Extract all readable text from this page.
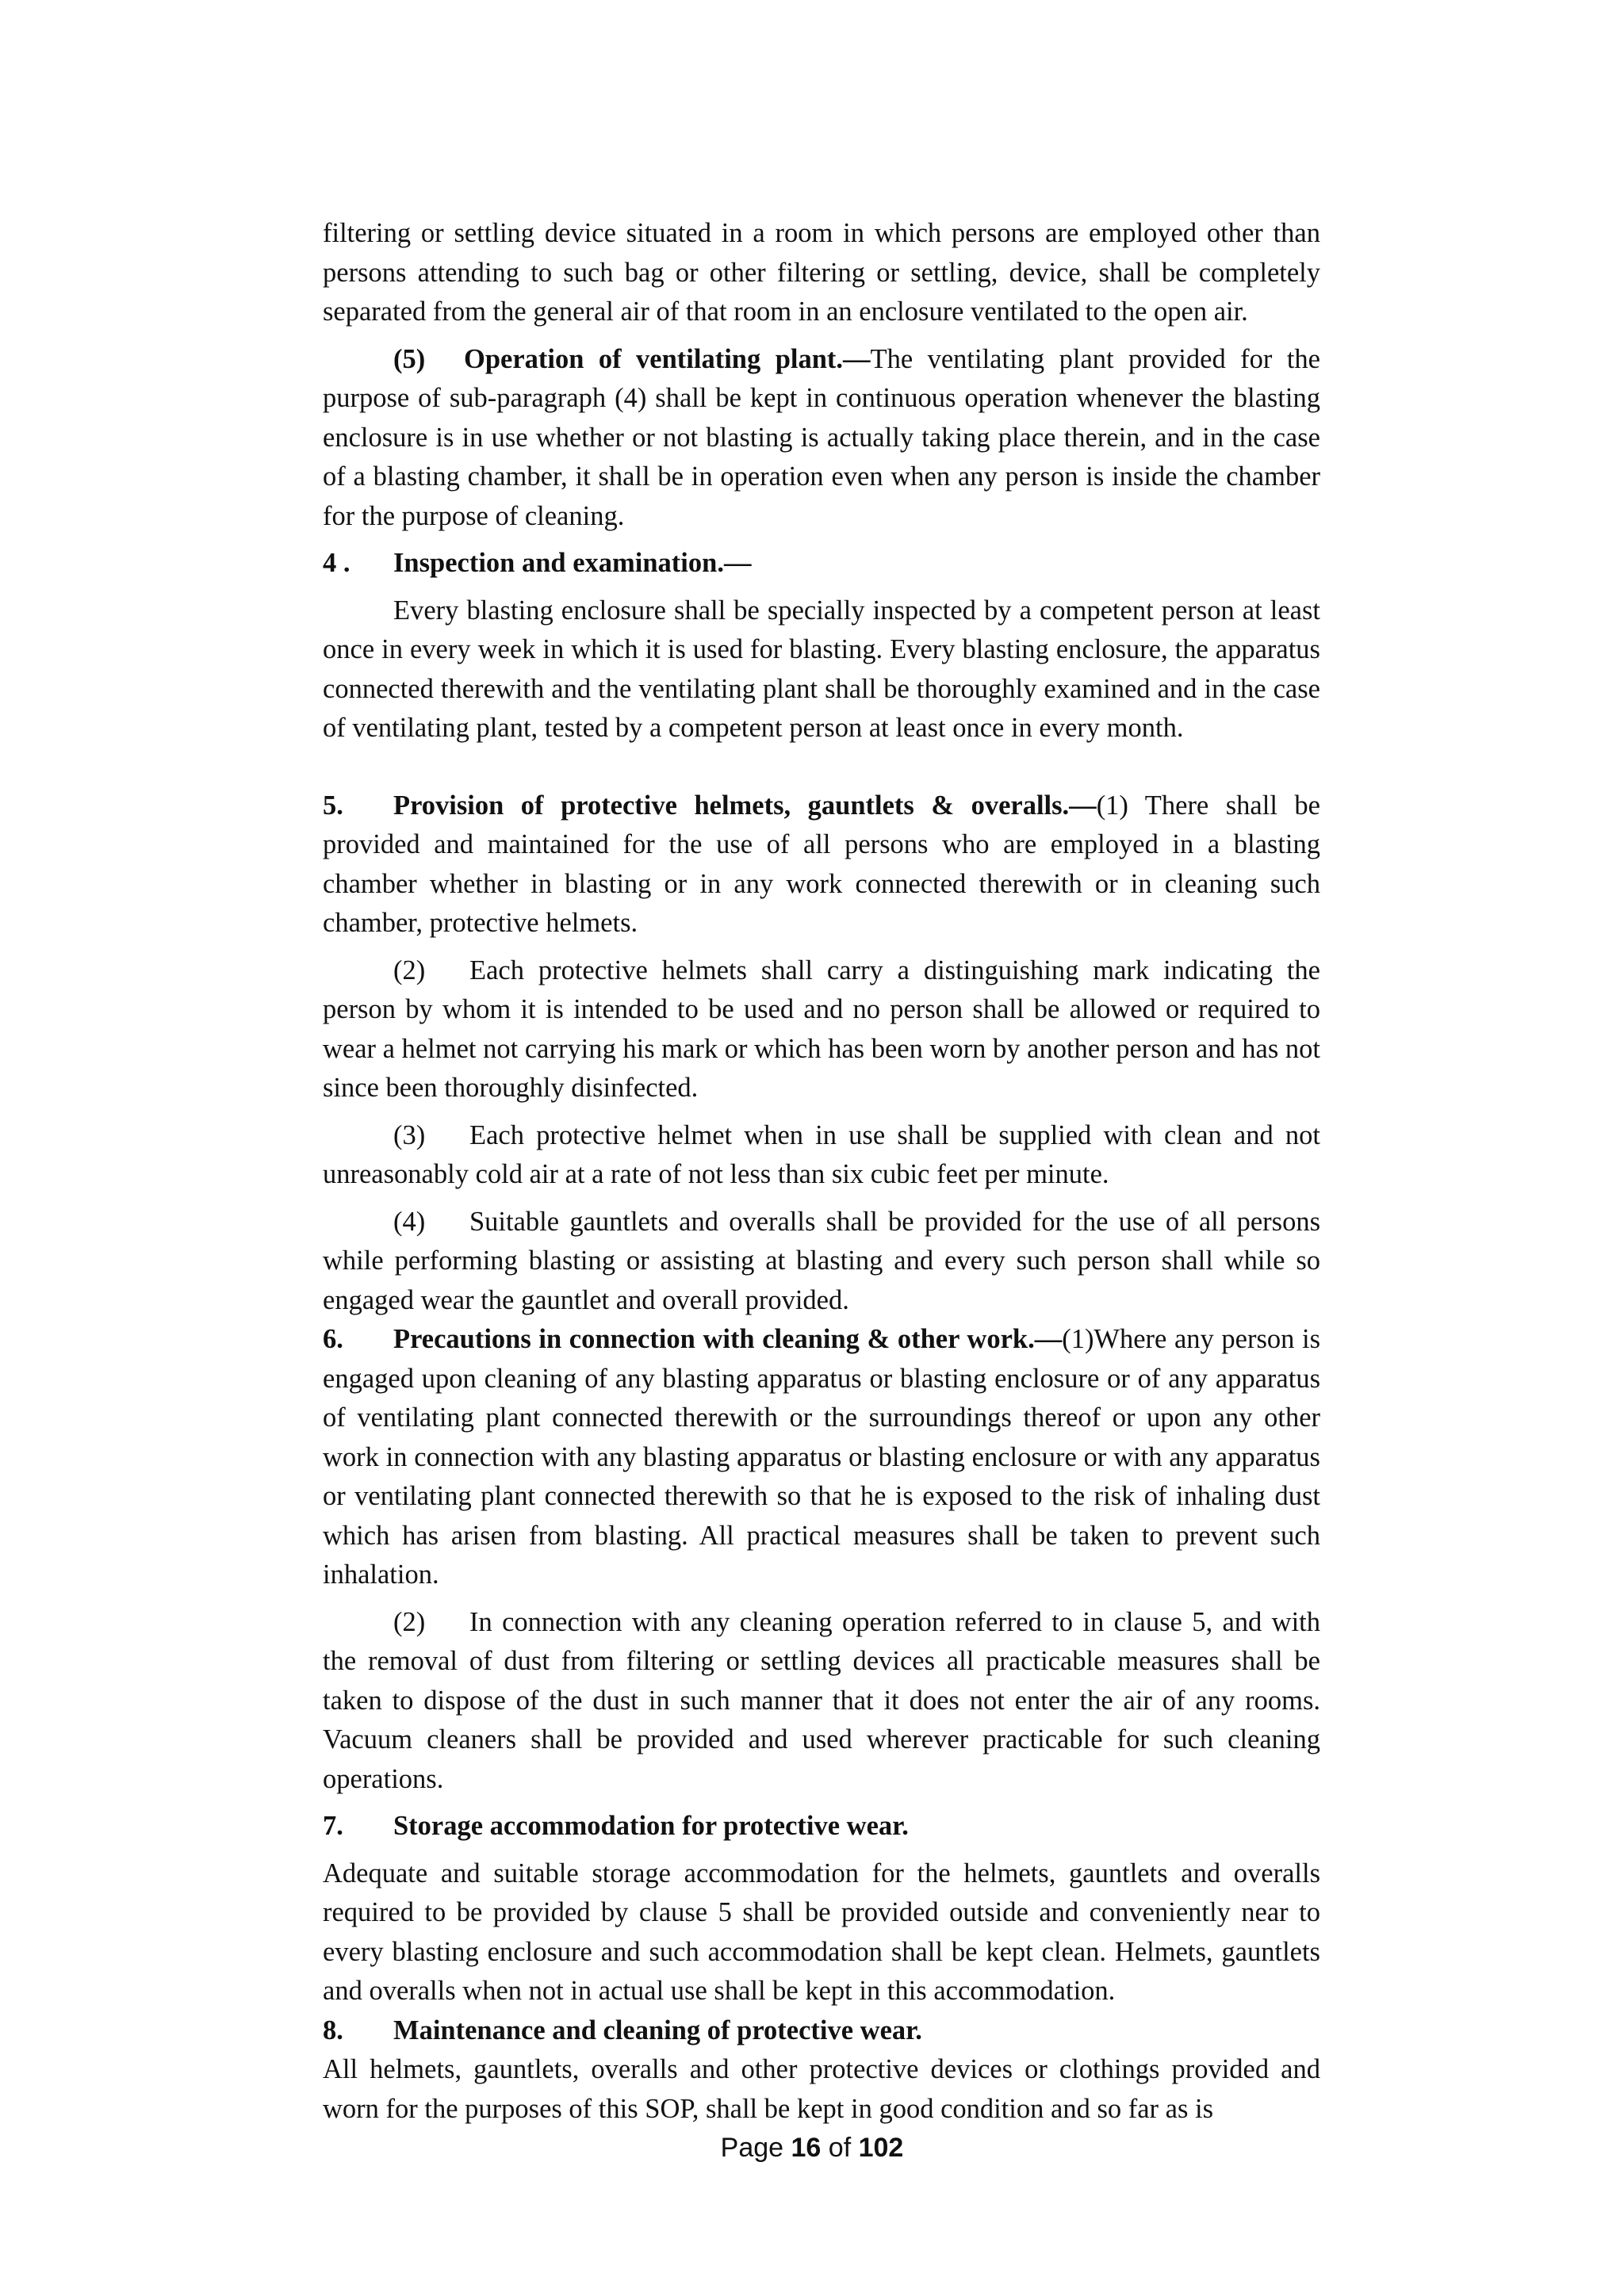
filtering or settling device situated in a room in which persons are employed other than persons attending to such bag or other filtering or settling, device, shall be completely separated from the general air of that room in an enclosure ventilated to the open air.

(5) Operation of ventilating plant.—The ventilating plant provided for the purpose of sub-paragraph (4) shall be kept in continuous operation whenever the blasting enclosure is in use whether or not blasting is actually taking place therein, and in the case of a blasting chamber, it shall be in operation even when any person is inside the chamber for the purpose of cleaning.

4 .	Inspection and examination.—

Every blasting enclosure shall be specially inspected by a competent person at least once in every week in which it is used for blasting. Every blasting enclosure, the apparatus connected therewith and the ventilating plant shall be thoroughly examined and in the case of ventilating plant, tested by a competent person at least once in every month.

5. Provision of protective helmets, gauntlets & overalls.—(1) There shall be provided and maintained for the use of all persons who are employed in a blasting chamber whether in blasting or in any work connected therewith or in cleaning such chamber, protective helmets.

(2) Each protective helmets shall carry a distinguishing mark indicating the person by whom it is intended to be used and no person shall be allowed or required to wear a helmet not carrying his mark or which has been worn by another person and has not since been thoroughly disinfected.

(3) Each protective helmet when in use shall be supplied with clean and not unreasonably cold air at a rate of not less than six cubic feet per minute.

(4) Suitable gauntlets and overalls shall be provided for the use of all persons while performing blasting or assisting at blasting and every such person shall while so engaged wear the gauntlet and overall provided.

6. Precautions in connection with cleaning & other work.—(1)Where any person is engaged upon cleaning of any blasting apparatus or blasting enclosure or of any apparatus of ventilating plant connected therewith or the surroundings thereof or upon any other work in connection with any blasting apparatus or blasting enclosure or with any apparatus or ventilating plant connected therewith so that he is exposed to the risk of inhaling dust which has arisen from blasting. All practical measures shall be taken to prevent such inhalation.

(2) In connection with any cleaning operation referred to in clause 5, and with the removal of dust from filtering or settling devices all practicable measures shall be taken to dispose of the dust in such manner that it does not enter the air of any rooms. Vacuum cleaners shall be provided and used wherever practicable for such cleaning operations.

7.	Storage accommodation for protective wear.

Adequate and suitable storage accommodation for the helmets, gauntlets and overalls required to be provided by clause 5 shall be provided outside and conveniently near to every blasting enclosure and such accommodation shall be kept clean. Helmets, gauntlets and overalls when not in actual use shall be kept in this accommodation.

8.	Maintenance and cleaning of protective wear.

All helmets, gauntlets, overalls and other protective devices or clothings provided and worn for the purposes of this SOP, shall be kept in good condition and so far as is

Page 16 of 102
